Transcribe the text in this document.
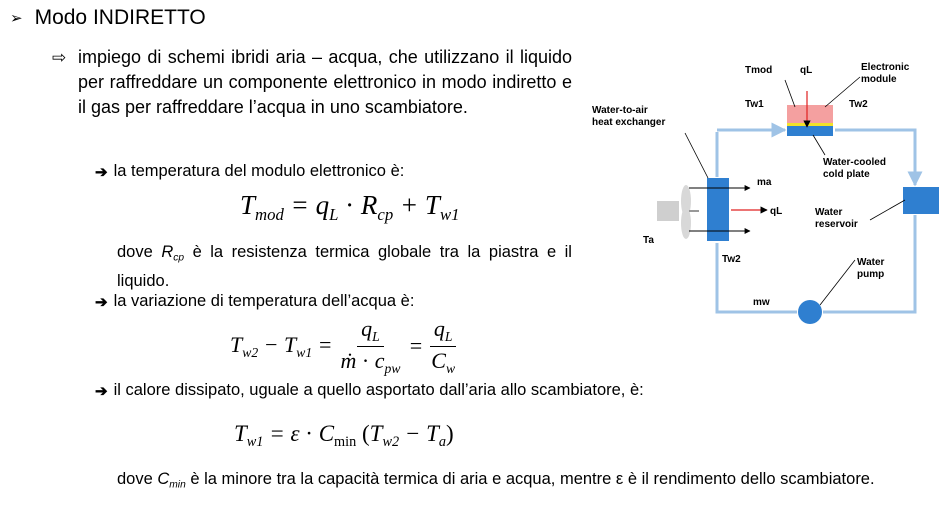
➢ Modo INDIRETTO
⇨ impiego di schemi ibridi aria – acqua, che utilizzano il liquido per raffreddare un componente elettronico in modo indiretto e il gas per raffreddare l’acqua in uno scambiatore.
➔ la temperatura del modulo elettronico è:
$T_{mod} = q_L \cdot R_{cp} + T_{w1}$
dove $R_{cp}$ è la resistenza termica globale tra la piastra e il liquido.
➔ la variazione di temperatura dell’acqua è:
$T_{w2} - T_{w1} = \frac{q_L}{ṁ \cdot c_{pw}} = \frac{q_L}{C_w}$
➔ il calore dissipato, uguale a quello asportato dall’aria allo scambiatore, è:
$T_{w1} = \varepsilon \cdot C_{min}$ $(T_{w2} - T_a)$
dove $C_{min}$ è la minore tra la capacità termica di aria e acqua, mentre ε è il rendimento dello scambiatore.
Tmod	qL	Electronic
module
Water-to-air
heat exchanger
Tw1	Tw2
Water-cooled
cold plate
ma
qL	Water
reservoir
Ta
Tw2	Water
pump
mw
